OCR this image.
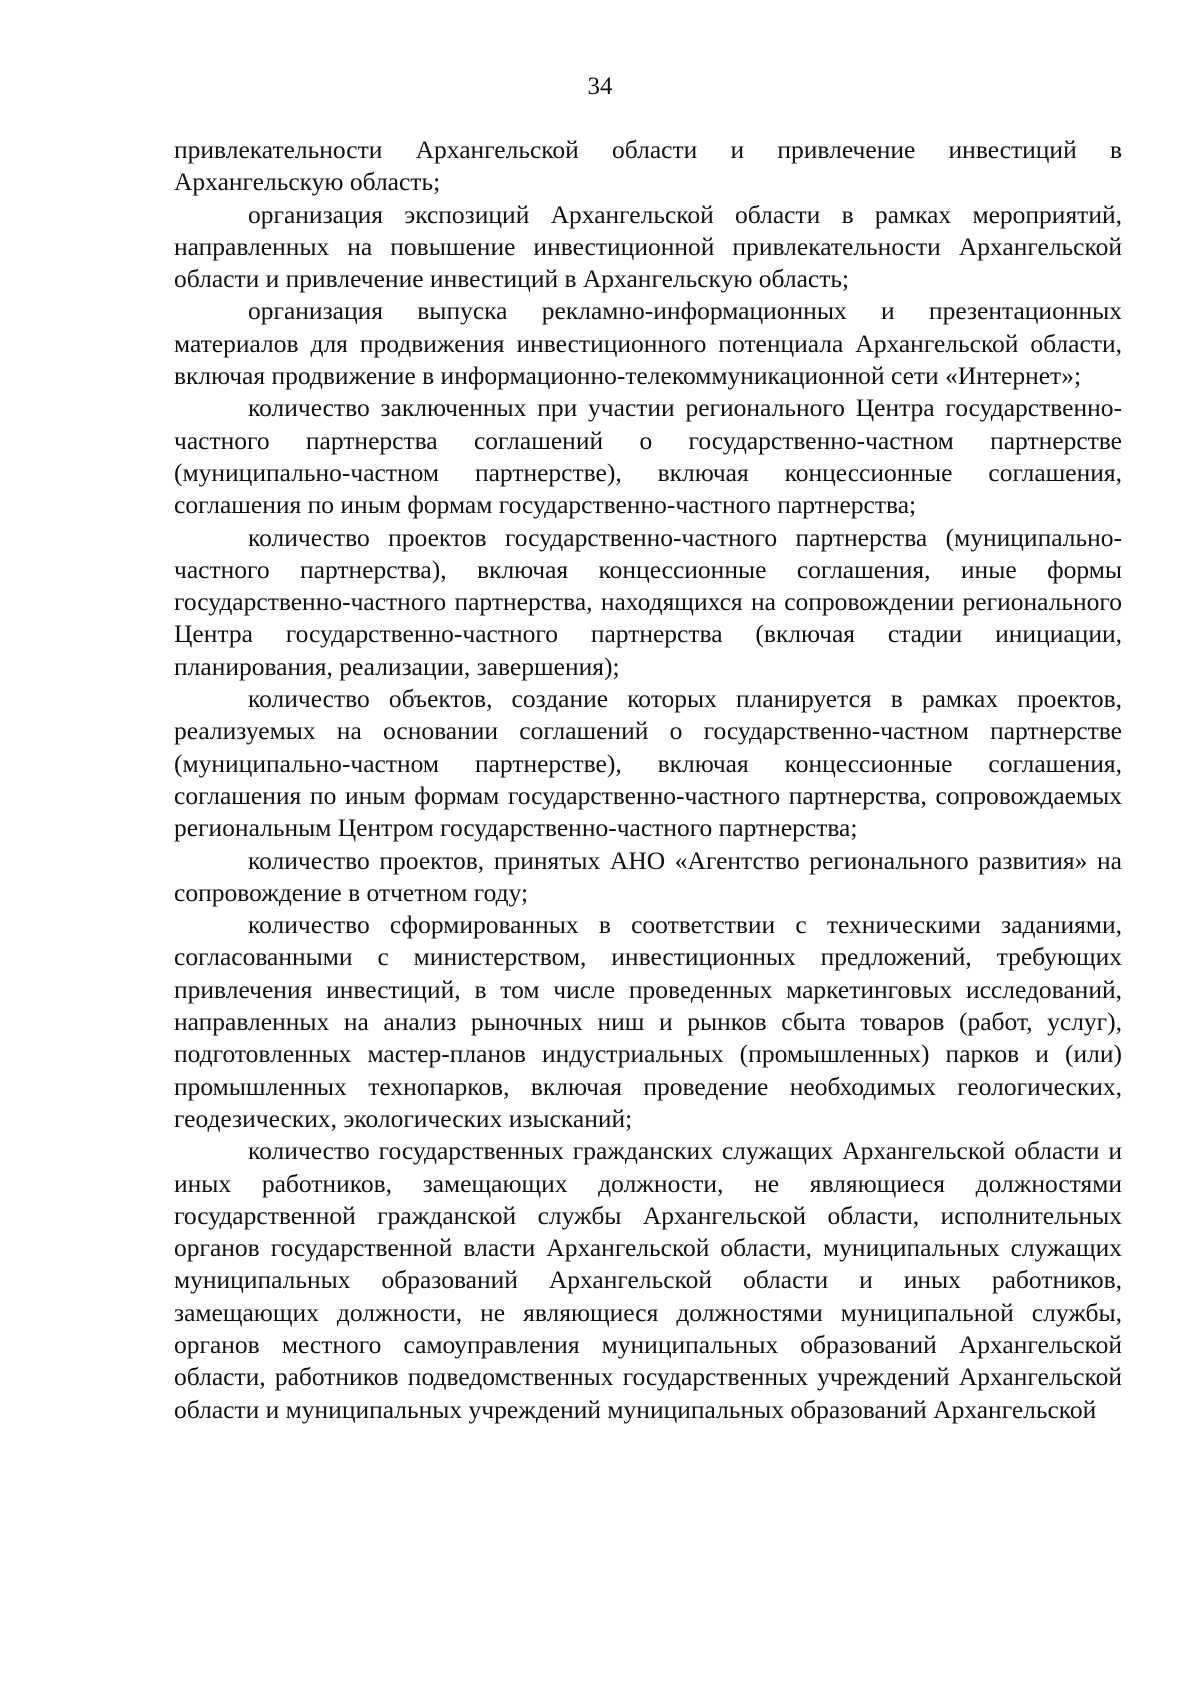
34

привлекательности Архангельской области и привлечение инвестиций в Архангельскую область;

организация экспозиций Архангельской области в рамках мероприятий, направленных на повышение инвестиционной привлекательности Архангельской области и привлечение инвестиций в Архангельскую область;

организация выпуска рекламно-информационных и презентационных материалов для продвижения инвестиционного потенциала Архангельской области, включая продвижение в информационно-телекоммуникационной сети «Интернет»;

количество заключенных при участии регионального Центра государственно-частного партнерства соглашений о государственно-частном партнерстве (муниципально-частном партнерстве), включая концессионные соглашения, соглашения по иным формам государственно-частного партнерства;

количество проектов государственно-частного партнерства (муниципально-частного партнерства), включая концессионные соглашения, иные формы государственно-частного партнерства, находящихся на сопровождении регионального Центра государственно-частного партнерства (включая стадии инициации, планирования, реализации, завершения);

количество объектов, создание которых планируется в рамках проектов, реализуемых на основании соглашений о государственно-частном партнерстве (муниципально-частном партнерстве), включая концессионные соглашения, соглашения по иным формам государственно-частного партнерства, сопровождаемых региональным Центром государственно-частного партнерства;

количество проектов, принятых АНО «Агентство регионального развития» на сопровождение в отчетном году;

количество сформированных в соответствии с техническими заданиями, согласованными с министерством, инвестиционных предложений, требующих привлечения инвестиций, в том числе проведенных маркетинговых исследований, направленных на анализ рыночных ниш и рынков сбыта товаров (работ, услуг), подготовленных мастер-планов индустриальных (промышленных) парков и (или) промышленных технопарков, включая проведение необходимых геологических, геодезических, экологических изысканий;

количество государственных гражданских служащих Архангельской области и иных работников, замещающих должности, не являющиеся должностями государственной гражданской службы Архангельской области, исполнительных органов государственной власти Архангельской области, муниципальных служащих муниципальных образований Архангельской области и иных работников, замещающих должности, не являющиеся должностями муниципальной службы, органов местного самоуправления муниципальных образований Архангельской области, работников подведомственных государственных учреждений Архангельской области и муниципальных учреждений муниципальных образований Архангельской
